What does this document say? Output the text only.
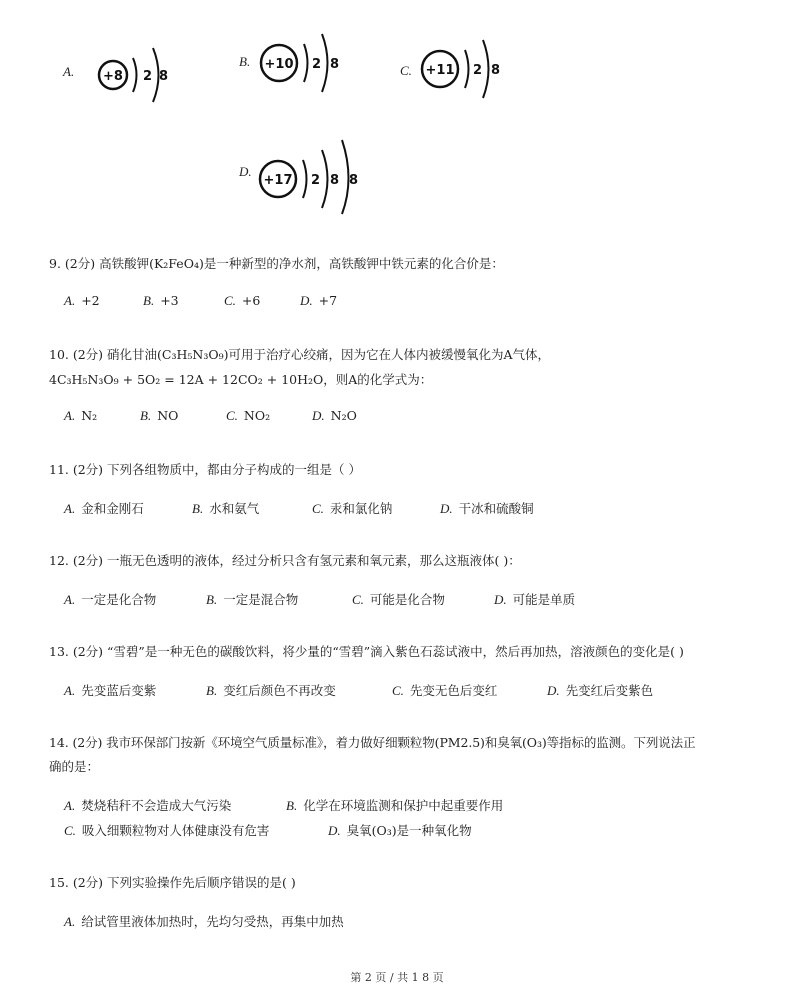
A. +8 2 8
B. +10 2 8	C. +11 2 8
D.
+17 2 8 8
9. (2分) 高铁酸钾(K₂FeO₄)是一种新型的净水剂，高铁酸钾中铁元素的化合价是：
A. +2	B. +3	C. +6	D. +7
10. (2分) 硝化甘油(C₃H₅N₃O₉)可用于治疗心绞痛，因为它在人体内被缓慢氧化为A气体，
4C₃H₅N₃O₉ + 5O₂ = 12A + 12CO₂ + 10H₂O，则A的化学式为：
A. N₂	B. NO	C. NO₂	D. N₂O
11. (2分) 下列各组物质中，都由分子构成的一组是（ ）
A. 金和金刚石	B. 水和氨气	C. 汞和氯化钠	D. 干冰和硫酸铜
12. (2分) 一瓶无色透明的液体，经过分析只含有氢元素和氧元素，那么这瓶液体( )：
A. 一定是化合物	B. 一定是混合物	C. 可能是化合物	D. 可能是单质
13. (2分) “雪碧”是一种无色的碳酸饮料，将少量的“雪碧”滴入紫色石蕊试液中，然后再加热，溶液颜色的变化是( )
A. 先变蓝后变紫	B. 变红后颜色不再改变	C. 先变无色后变红	D. 先变红后变紫色
14. (2分) 我市环保部门按新《环境空气质量标准》，着力做好细颗粒物(PM2.5)和臭氧(O₃)等指标的监测。下列说法正
确的是：
A. 焚烧秸秆不会造成大气污染	B. 化学在环境监测和保护中起重要作用
C. 吸入细颗粒物对人体健康没有危害	D. 臭氧(O₃)是一种氧化物
15. (2分) 下列实验操作先后顺序错误的是( )
A. 给试管里液体加热时，先均匀受热，再集中加热
第 2 页 / 共 1 8 页
